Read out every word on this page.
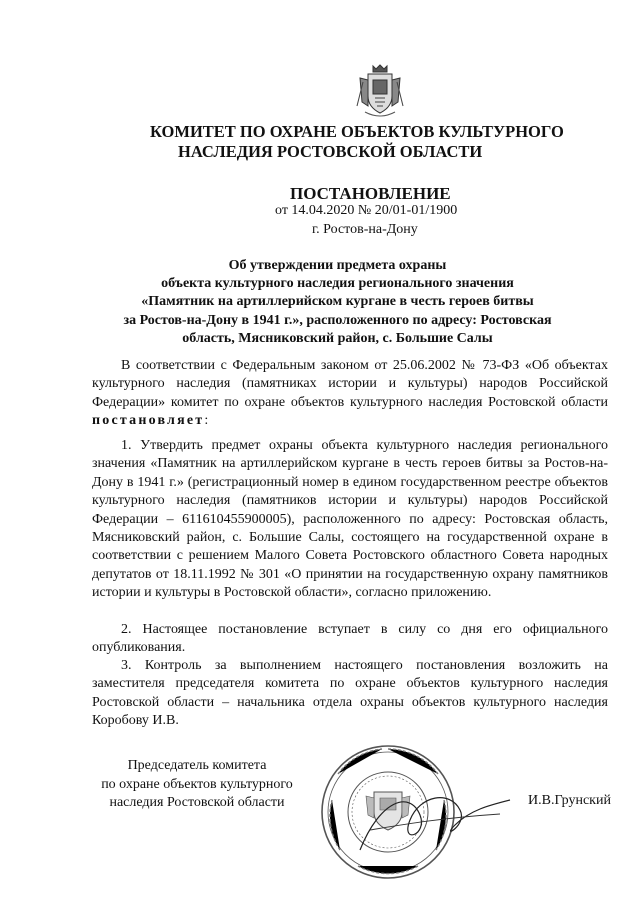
КОМИТЕТ ПО ОХРАНЕ ОБЪЕКТОВ КУЛЬТУРНОГО
НАСЛЕДИЯ РОСТОВСКОЙ ОБЛАСТИ
ПОСТАНОВЛЕНИЕ
от 14.04.2020 № 20/01-01/1900
г. Ростов-на-Дону
Об утверждении предмета охраны
объекта культурного наследия регионального значения
«Памятник на артиллерийском кургане в честь героев битвы
за Ростов-на-Дону в 1941 г.», расположенного по адресу: Ростовская
область, Мясниковский район, с. Большие Салы

В соответствии с Федеральным законом от 25.06.2002 № 73-ФЗ «Об объектах культурного наследия (памятниках истории и культуры) народов Российской Федерации» комитет по охране объектов культурного наследия Ростовской области постановляет:

1. Утвердить предмет охраны объекта культурного наследия регионального значения «Памятник на артиллерийском кургане в честь героев битвы за Ростов-на-Дону в 1941 г.» (регистрационный номер в едином государственном реестре объектов культурного наследия (памятников истории и культуры) народов Российской Федерации – 611610455900005), расположенного по адресу: Ростовская область, Мясниковский район, с. Большие Салы, состоящего на государственной охране в соответствии с решением Малого Совета Ростовского областного Совета народных депутатов от 18.11.1992 № 301 «О принятии на государственную охрану памятников истории и культуры в Ростовской области», согласно приложению.

2. Настоящее постановление вступает в силу со дня его официального опубликования.

3. Контроль за выполнением настоящего постановления возложить на заместителя председателя комитета по охране объектов культурного наследия Ростовской области – начальника отдела охраны объектов культурного наследия Коробову И.В.

Председатель комитета
по охране объектов культурного
наследия Ростовской области	И.В.Грунский
